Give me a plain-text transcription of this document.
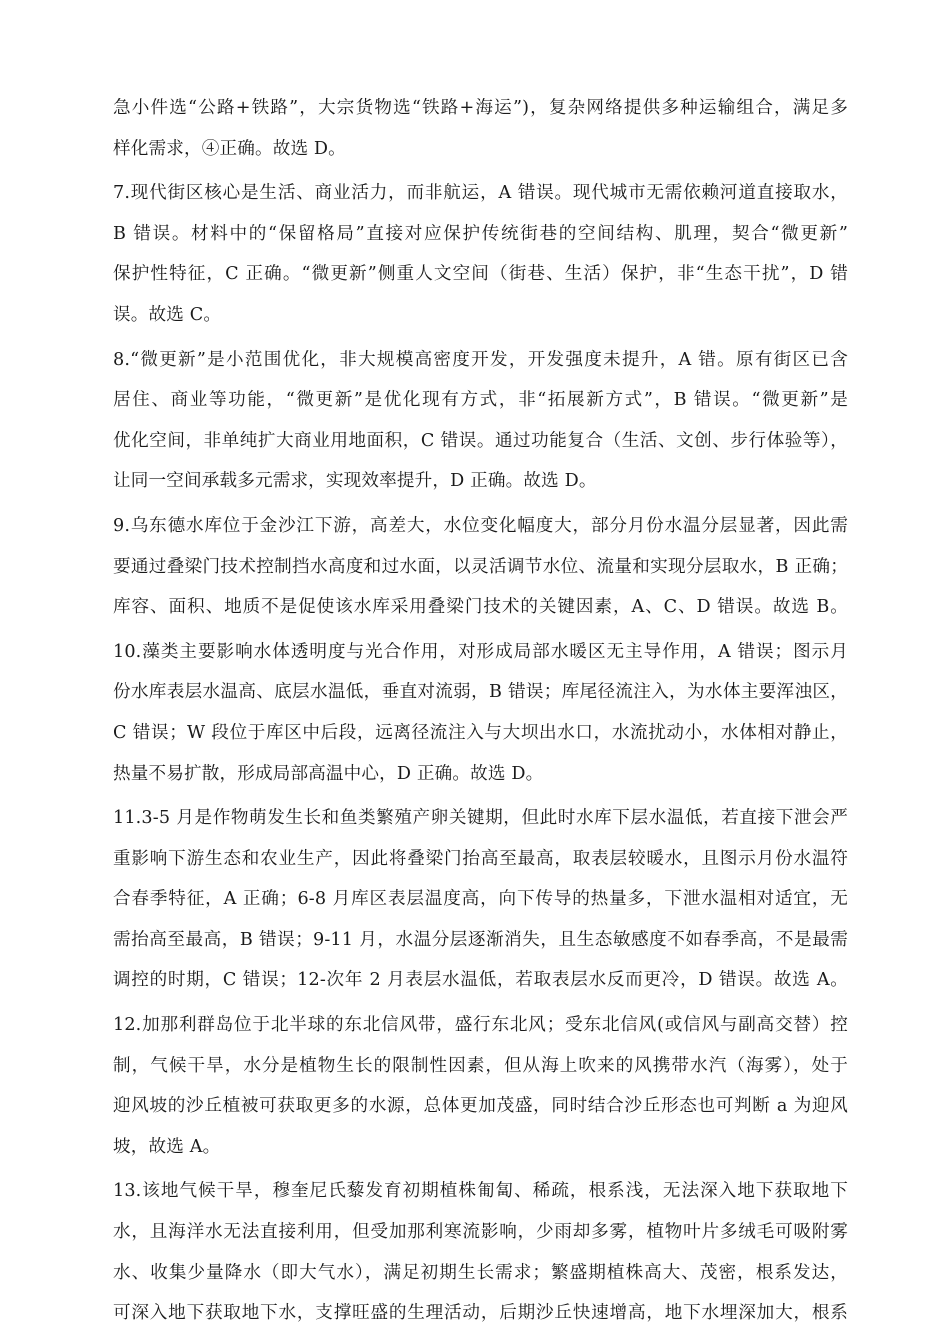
急小件选“公路+铁路”，大宗货物选“铁路+海运”)，复杂网络提供多种运输组合，满足多
样化需求，④正确。故选 D。
7.现代街区核心是生活、商业活力，而非航运，A 错误。现代城市无需依赖河道直接取水，
B 错误。材料中的“保留格局”直接对应保护传统街巷的空间结构、肌理，契合“微更新”
保护性特征，C 正确。“微更新”侧重人文空间（街巷、生活）保护，非“生态干扰”，D 错
误。故选 C。
8.“微更新”是小范围优化，非大规模高密度开发，开发强度未提升，A 错。原有街区已含
居住、商业等功能，“微更新”是优化现有方式，非“拓展新方式”，B 错误。“微更新”是
优化空间，非单纯扩大商业用地面积，C 错误。通过功能复合（生活、文创、步行体验等），
让同一空间承载多元需求，实现效率提升，D 正确。故选 D。
9.乌东德水库位于金沙江下游，高差大，水位变化幅度大，部分月份水温分层显著，因此需
要通过叠梁门技术控制挡水高度和过水面，以灵活调节水位、流量和实现分层取水，B 正确；
库容、面积、地质不是促使该水库采用叠梁门技术的关键因素，A、C、D 错误。故选 B。
10.藻类主要影响水体透明度与光合作用，对形成局部水暖区无主导作用，A 错误；图示月
份水库表层水温高、底层水温低，垂直对流弱，B 错误；库尾径流注入，为水体主要浑浊区，
C 错误；W 段位于库区中后段，远离径流注入与大坝出水口，水流扰动小，水体相对静止，
热量不易扩散，形成局部高温中心，D 正确。故选 D。
11.3-5 月是作物萌发生长和鱼类繁殖产卵关键期，但此时水库下层水温低，若直接下泄会严
重影响下游生态和农业生产，因此将叠梁门抬高至最高，取表层较暖水，且图示月份水温符
合春季特征，A 正确；6-8 月库区表层温度高，向下传导的热量多，下泄水温相对适宜，无
需抬高至最高，B 错误；9-11 月，水温分层逐渐消失，且生态敏感度不如春季高，不是最需
调控的时期，C 错误；12-次年 2 月表层水温低，若取表层水反而更冷，D 错误。故选 A。
12.加那利群岛位于北半球的东北信风带，盛行东北风；受东北信风(或信风与副高交替）控
制，气候干旱，水分是植物生长的限制性因素，但从海上吹来的风携带水汽（海雾），处于
迎风坡的沙丘植被可获取更多的水源，总体更加茂盛，同时结合沙丘形态也可判断 a 为迎风
坡，故选 A。
13.该地气候干旱，穆奎尼氏藜发育初期植株匍匐、稀疏，根系浅，无法深入地下获取地下
水，且海洋水无法直接利用，但受加那利寒流影响，少雨却多雾，植物叶片多绒毛可吸附雾
水、收集少量降水（即大气水），满足初期生长需求；繁盛期植株高大、茂密，根系发达，
可深入地下获取地下水，支撑旺盛的生理活动，后期沙丘快速增高，地下水埋深加大，根系
